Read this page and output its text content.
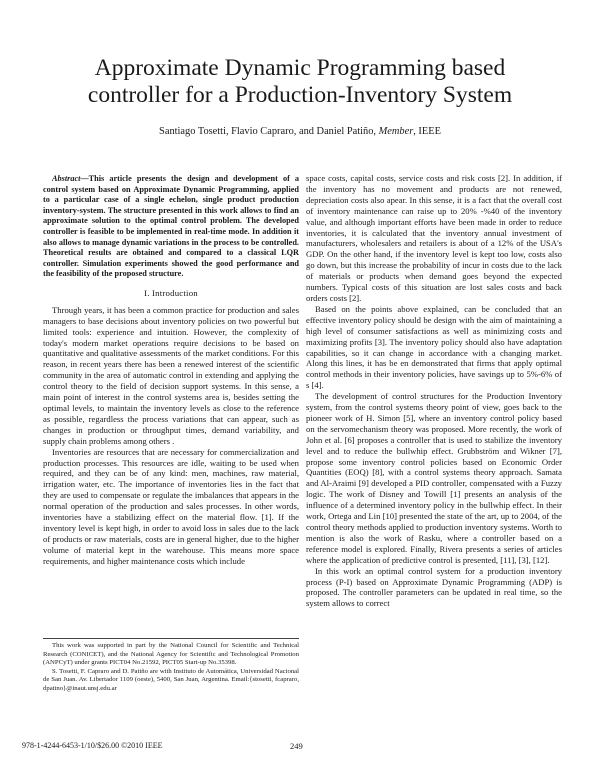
Approximate Dynamic Programming based
controller for a Production-Inventory System

Santiago Tosetti, Flavio Capraro, and Daniel Patiño, Member, IEEE

Abstract—This article presents the design and development of a control system based on Approximate Dynamic Programming, applied to a particular case of a single echelon, single product production inventory-system. The structure presented in this work allows to find an approximate solution to the optimal control problem. The developed controller is feasible to be implemented in real-time mode. In addition it also allows to manage dynamic variations in the process to be controlled. Theoretical results are obtained and compared to a classical LQR controller. Simulation experiments showed the good performance and the feasibility of the proposed structure.

I. Introduction

Through years, it has been a common practice for production and sales managers to base decisions about inventory policies on two powerful but limited tools: experience and intuition. However, the complexity of today's modern market operations require decisions to be based on quantitative and qualitative assessments of the market conditions. For this reason, in recent years there has been a renewed interest of the scientific community in the area of automatic control in extending and applying the control theory to the field of decision support systems. In this sense, a main point of interest in the control systems area is, besides setting the optimal levels, to maintain the inventory levels as close to the reference as possible, regardless the process variations that can appear, such as changes in production or throughput times, demand variability, and supply chain problems among others .

Inventories are resources that are necessary for commercialization and production processes. This resources are idle, waiting to be used when required, and they can be of any kind: men, machines, raw material, irrigation water, etc. The importance of inventories lies in the fact that they are used to compensate or regulate the imbalances that appears in the normal operation of the production and sales processes. In other words, inventories have a stabilizing effect on the material flow. [1]. If the inventory level is kept high, in order to avoid loss in sales due to the lack of products or raw materials, costs are in general higher, due to the higher volume of material kept in the warehouse. This means more space requirements, and higher maintenance costs which include

This work was supported in part by the National Council for Scientific and Technical Research (CONICET), and the National Agency for Scientific and Technological Promotion (ANPCyT) under grants PICT04 No.21592, PICT05 Start-up No.35398.

S. Tosetti, F. Capraro and D. Patiño are with Instituto de Automática, Universidad Nacional de San Juan. Av. Libertador 1109 (oeste), 5400, San Juan, Argentina. Email:{stosetti, fcapraro, dpatino}@inaut.unsj.edu.ar

space costs, capital costs, service costs and risk costs [2]. In addition, if the inventory has no movement and products are not renewed, depreciation costs also apear. In this sense, it is a fact that the overall cost of inventory maintenance can raise up to 20% -%40 of the inventory value, and although important efforts have been made in order to reduce inventories, it is calculated that the inventory annual investment of manufacturers, wholesalers and retailers is about of a 12% of the USA's GDP. On the other hand, if the inventory level is kept too low, costs also go down, but this increase the probability of incur in costs due to the lack of materials or products when demand goes beyond the expected numbers. Typical costs of this situation are lost sales costs and back orders costs [2].

Based on the points above explained, can be concluded that an effective inventory policy should be design with the aim of maintaining a high level of consumer satisfactions as well as minimizing costs and maximizing profits [3]. The inventory policy should also have adaptation capabilities, so it can change in accordance with a changing market. Along this lines, it has be en demonstrated that firms that apply optimal control methods in their inventory policies, have savings up to 5%-6% of s [4].

The development of control structures for the Production Inventory system, from the control systems theory point of view, goes back to the pioneer work of H. Simon [5], where an inventory control policy based on the servomechanism theory was proposed. More recently, the work of John et al. [6] proposes a controller that is used to stabilize the inventory level and to reduce the bullwhip effect. Grubbström and Wikner [7], propose some inventory control policies based on Economic Order Quantities (EOQ) [8], with a control systems theory approach. Samata and Al-Araimi [9] developed a PID controller, compensated with a Fuzzy logic. The work of Disney and Towill [1] presents an analysis of the influence of a determined inventory policy in the bullwhip effect. In their work, Ortega and Lin [10] presented the state of the art, up to 2004, of the control theory methods applied to production inventory systems. Worth to mention is also the work of Rasku, where a controller based on a reference model is explored. Finally, Rivera presents a series of articles where the application of predictive control is presented, [11], [3], [12].

In this work an optimal control system for a production inventory process (P-I) based on Approximate Dynamic Programming (ADP) is proposed. The controller parameters can be updated in real time, so the system allows to correct

978-1-4244-6453-1/10/$26.00 ©2010 IEEE	249
